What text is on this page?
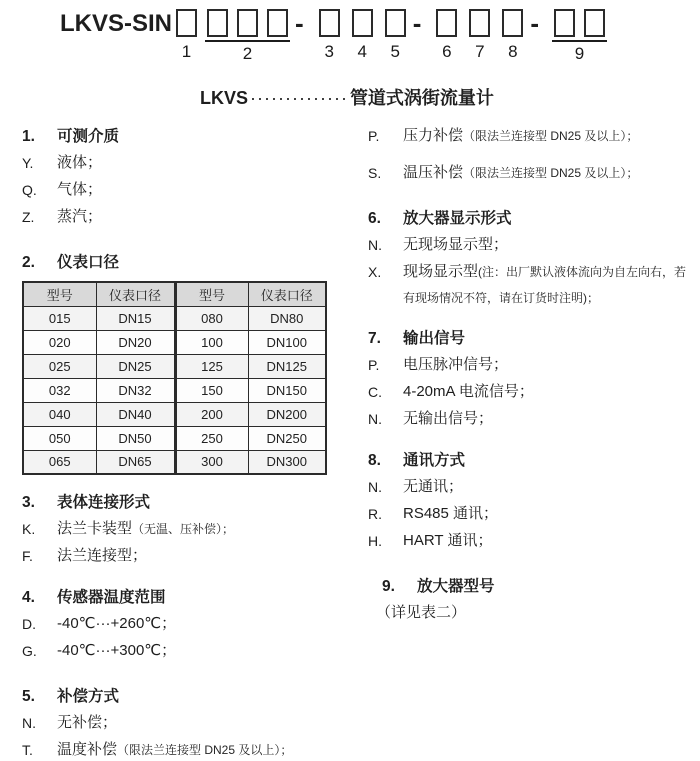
LKVS-SIN
1	2
-
3 4 5
-
6 7 8
-
9
LKVS ·············· 管道式涡街流量计
1.	可测介质
Y.	液体；
Q.	气体；
Z.	蒸汽；
2.	仪表口径
型号	仪表口径	型号	仪表口径
015	DN15	080	DN80
020	DN20	100	DN100
025	DN25	125	DN125
032	DN32	150	DN150
040	DN40	200	DN200
050	DN50	250	DN250
065	DN65	300	DN300
3.	表体连接形式
K.	法兰卡装型（无温、压补偿）；
F.	法兰连接型；
4.	传感器温度范围
D.	-40℃···+260℃；
G.	-40℃···+300℃；
5.	补偿方式
N.	无补偿；
T.	温度补偿（限法兰连接型 DN25 及以上）；
P.	压力补偿（限法兰连接型 DN25 及以上）；
S.	温压补偿（限法兰连接型 DN25 及以上）；
6.	放大器显示形式
N.	无现场显示型；
X.	现场显示型(注：出厂默认液体流向为自左向右，若有现场情况不符，请在订货时注明)；
7.	输出信号
P.	电压脉冲信号；
C.	4-20mA 电流信号；
N.	无输出信号；
8.	通讯方式
N.	无通讯；
R.	RS485 通讯；
H.	HART 通讯；
9.	放大器型号
（详见表二）
